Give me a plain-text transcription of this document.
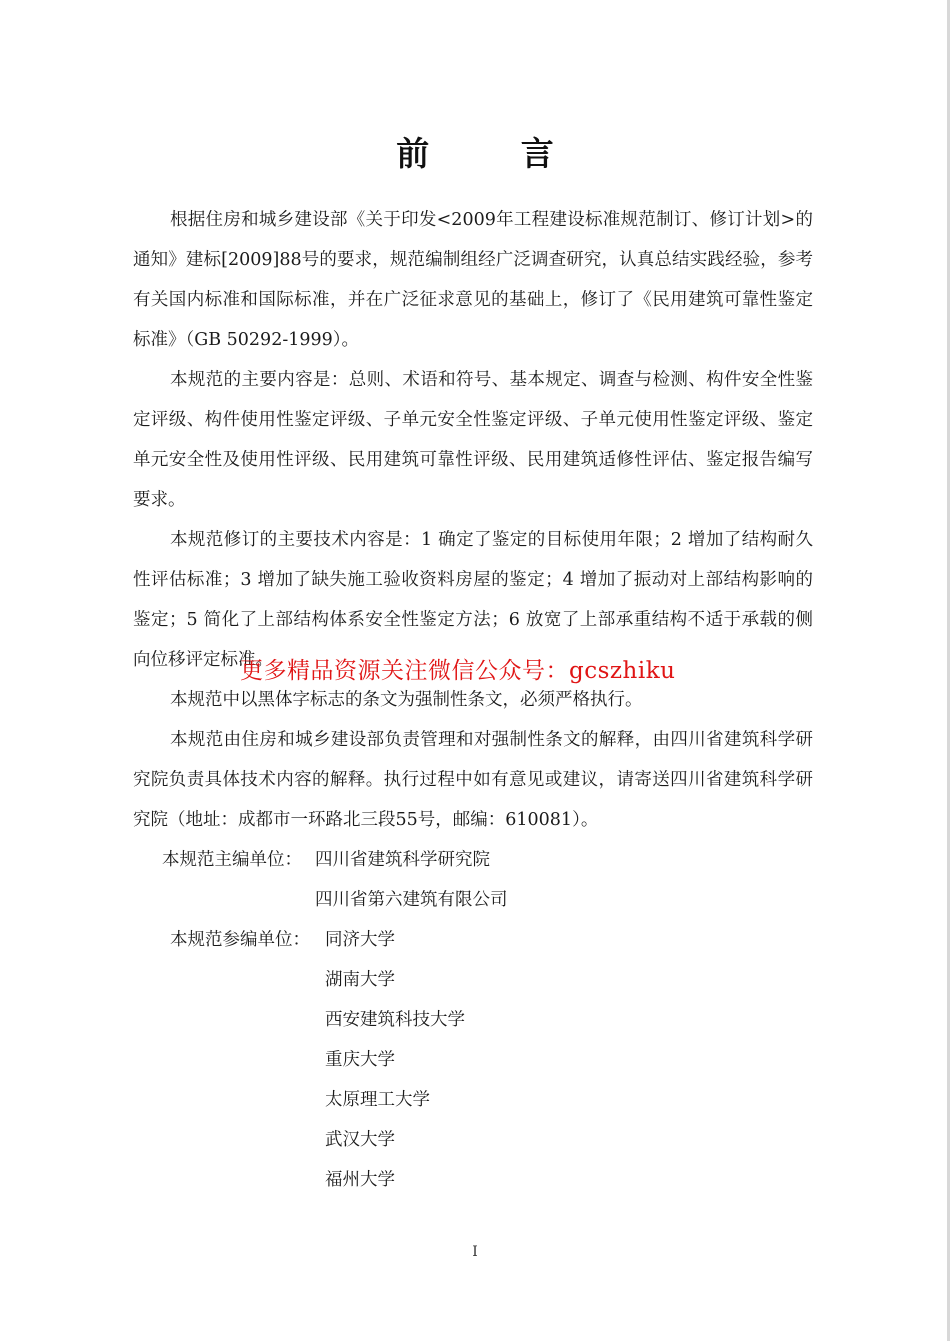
前 言

根据住房和城乡建设部《关于印发<2009年工程建设标准规范制订、修订计划>的通知》建标[2009]88号的要求，规范编制组经广泛调查研究，认真总结实践经验，参考有关国内标准和国际标准，并在广泛征求意见的基础上，修订了《民用建筑可靠性鉴定标准》（GB 50292-1999）。

本规范的主要内容是：总则、术语和符号、基本规定、调查与检测、构件安全性鉴定评级、构件使用性鉴定评级、子单元安全性鉴定评级、子单元使用性鉴定评级、鉴定单元安全性及使用性评级、民用建筑可靠性评级、民用建筑适修性评估、鉴定报告编写要求。

本规范修订的主要技术内容是：1 确定了鉴定的目标使用年限；2 增加了结构耐久性评估标准；3 增加了缺失施工验收资料房屋的鉴定；4 增加了振动对上部结构影响的鉴定；5 简化了上部结构体系安全性鉴定方法；6 放宽了上部承重结构不适于承载的侧向位移评定标准。

本规范中以黑体字标志的条文为强制性条文，必须严格执行。

本规范由住房和城乡建设部负责管理和对强制性条文的解释，由四川省建筑科学研究院负责具体技术内容的解释。执行过程中如有意见或建议，请寄送四川省建筑科学研究院（地址：成都市一环路北三段55号，邮编：610081）。

本规范主编单位： 四川省建筑科学研究院
四川省第六建筑有限公司
本规范参编单位： 同济大学
湖南大学
西安建筑科技大学
重庆大学
太原理工大学
武汉大学
福州大学
更多精品资源关注微信公众号：gcszhiku
I
